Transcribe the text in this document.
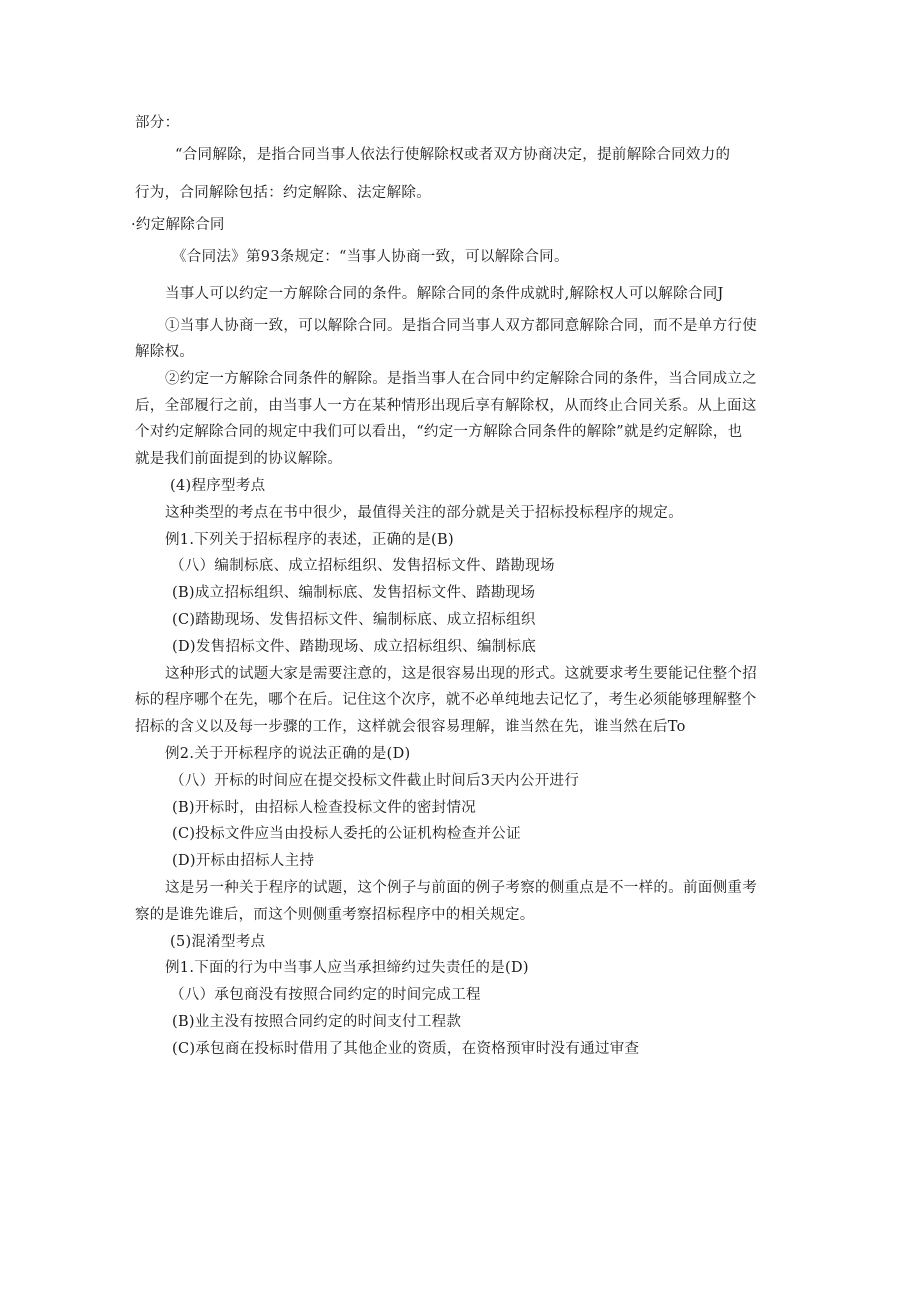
部分：
“合同解除，是指合同当事人依法行使解除权或者双方协商决定，提前解除合同效力的
行为，合同解除包括：约定解除、法定解除。
·约定解除合同
《合同法》第93条规定：“当事人协商一致，可以解除合同。
当事人可以约定一方解除合同的条件。解除合同的条件成就时,解除权人可以解除合同J
①当事人协商一致，可以解除合同。是指合同当事人双方都同意解除合同，而不是单方行使
解除权。
②约定一方解除合同条件的解除。是指当事人在合同中约定解除合同的条件，当合同成立之
后，全部履行之前，由当事人一方在某种情形出现后享有解除权，从而终止合同关系。从上面这
个对约定解除合同的规定中我们可以看出，“约定一方解除合同条件的解除”就是约定解除，也
就是我们前面提到的协议解除。
(4)程序型考点
这种类型的考点在书中很少，最值得关注的部分就是关于招标投标程序的规定。
例1.下列关于招标程序的表述，正确的是(B)
（八）编制标底、成立招标组织、发售招标文件、踏勘现场
(B)成立招标组织、编制标底、发售招标文件、踏勘现场
(C)踏勘现场、发售招标文件、编制标底、成立招标组织
(D)发售招标文件、踏勘现场、成立招标组织、编制标底
这种形式的试题大家是需要注意的，这是很容易出现的形式。这就要求考生要能记住整个招
标的程序哪个在先，哪个在后。记住这个次序，就不必单纯地去记忆了，考生必须能够理解整个
招标的含义以及每一步骤的工作，这样就会很容易理解，谁当然在先，谁当然在后To
例2.关于开标程序的说法正确的是(D)
（八）开标的时间应在提交投标文件截止时间后3天内公开进行
(B)开标时，由招标人检查投标文件的密封情况
(C)投标文件应当由投标人委托的公证机构检查并公证
(D)开标由招标人主持
这是另一种关于程序的试题，这个例子与前面的例子考察的侧重点是不一样的。前面侧重考
察的是谁先谁后，而这个则侧重考察招标程序中的相关规定。
(5)混淆型考点
例1.下面的行为中当事人应当承担缔约过失责任的是(D)
（八）承包商没有按照合同约定的时间完成工程
(B)业主没有按照合同约定的时间支付工程款
(C)承包商在投标时借用了其他企业的资质，在资格预审时没有通过审查
